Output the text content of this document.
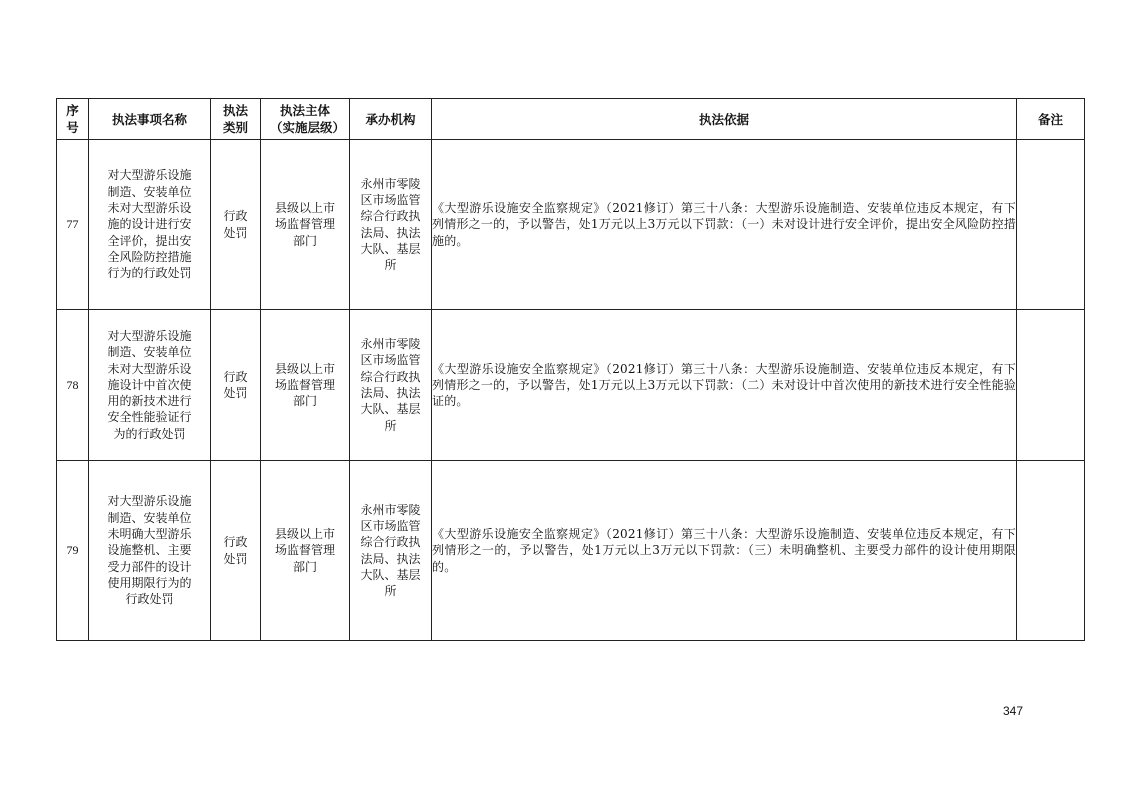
序号	执法事项名称	执法类别	执法主体（实施层级）	承办机构	执法依据	备注
77	对大型游乐设施制造、安装单位未对大型游乐设施的设计进行安全评价，提出安全风险防控措施行为的行政处罚	行政处罚	县级以上市场监督管理部门	永州市零陵区市场监管综合行政执法局、执法大队、基层所	《大型游乐设施安全监察规定》（2021修订）第三十八条：大型游乐设施制造、安装单位违反本规定，有下列情形之一的，予以警告，处1万元以上3万元以下罚款：（一）未对设计进行安全评价，提出安全风险防控措施的。	

78	对大型游乐设施制造、安装单位未对大型游乐设施设计中首次使用的新技术进行安全性能验证行为的行政处罚	行政处罚	县级以上市场监督管理部门	永州市零陵区市场监管综合行政执法局、执法大队、基层所	《大型游乐设施安全监察规定》（2021修订）第三十八条：大型游乐设施制造、安装单位违反本规定，有下列情形之一的，予以警告，处1万元以上3万元以下罚款：（二）未对设计中首次使用的新技术进行安全性能验证的。	

79	对大型游乐设施制造、安装单位未明确大型游乐设施整机、主要受力部件的设计使用期限行为的行政处罚	行政处罚	县级以上市场监督管理部门	永州市零陵区市场监管综合行政执法局、执法大队、基层所	《大型游乐设施安全监察规定》（2021修订）第三十八条：大型游乐设施制造、安装单位违反本规定，有下列情形之一的，予以警告，处1万元以上3万元以下罚款：（三）未明确整机、主要受力部件的设计使用期限的。	

347
